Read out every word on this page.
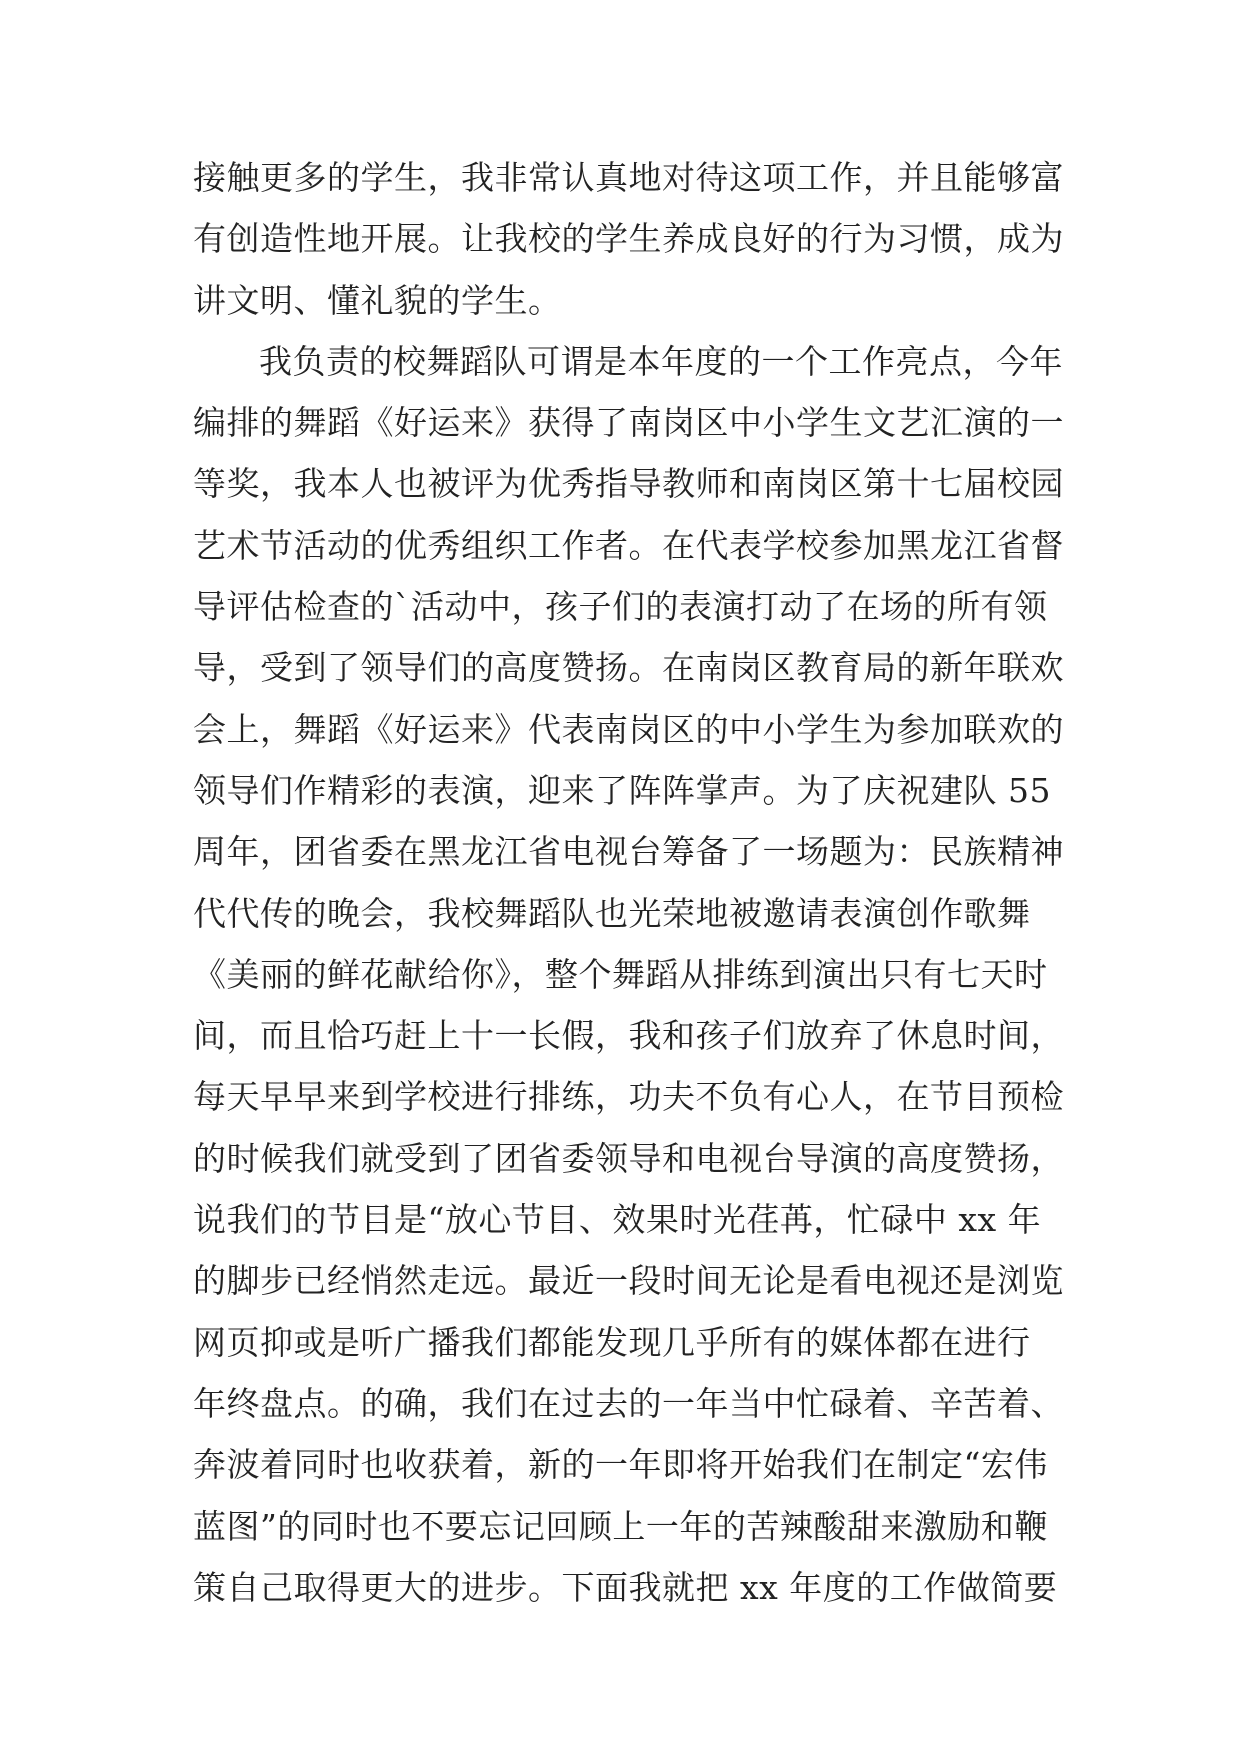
接触更多的学生，我非常认真地对待这项工作，并且能够富
有创造性地开展。让我校的学生养成良好的行为习惯，成为
讲文明、懂礼貌的学生。
我负责的校舞蹈队可谓是本年度的一个工作亮点，今年
编排的舞蹈《好运来》获得了南岗区中小学生文艺汇演的一
等奖，我本人也被评为优秀指导教师和南岗区第十七届校园
艺术节活动的优秀组织工作者。在代表学校参加黑龙江省督
导评估检查的`活动中，孩子们的表演打动了在场的所有领
导，受到了领导们的高度赞扬。在南岗区教育局的新年联欢
会上，舞蹈《好运来》代表南岗区的中小学生为参加联欢的
领导们作精彩的表演，迎来了阵阵掌声。为了庆祝建队 55
周年，团省委在黑龙江省电视台筹备了一场题为：民族精神
代代传的晚会，我校舞蹈队也光荣地被邀请表演创作歌舞
《美丽的鲜花献给你》，整个舞蹈从排练到演出只有七天时
间，而且恰巧赶上十一长假，我和孩子们放弃了休息时间，
每天早早来到学校进行排练，功夫不负有心人，在节目预检
的时候我们就受到了团省委领导和电视台导演的高度赞扬，
说我们的节目是“放心节目、效果时光荏苒，忙碌中 xx 年
的脚步已经悄然走远。最近一段时间无论是看电视还是浏览
网页抑或是听广播我们都能发现几乎所有的媒体都在进行
年终盘点。的确，我们在过去的一年当中忙碌着、辛苦着、
奔波着同时也收获着，新的一年即将开始我们在制定“宏伟
蓝图”的同时也不要忘记回顾上一年的苦辣酸甜来激励和鞭
策自己取得更大的进步。下面我就把 xx 年度的工作做简要
